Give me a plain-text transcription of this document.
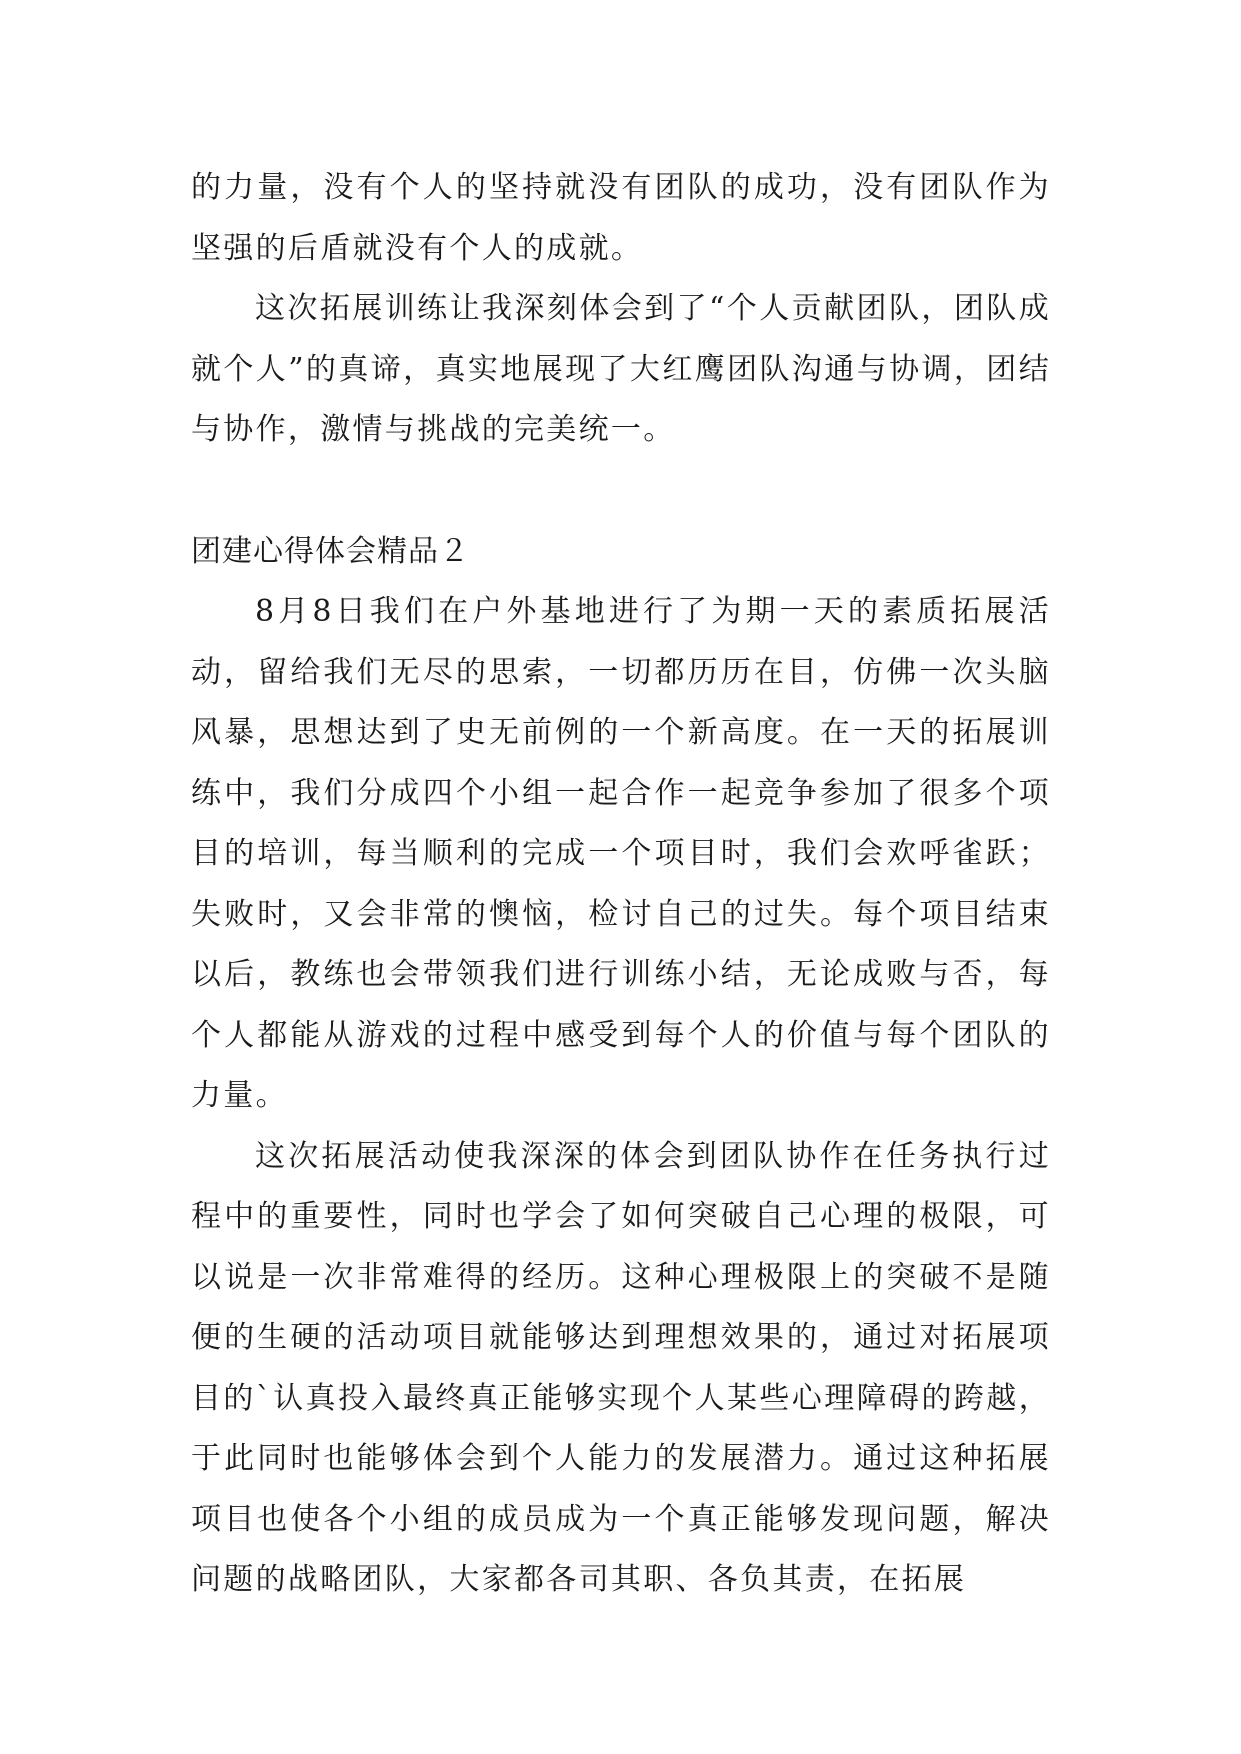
的力量，没有个人的坚持就没有团队的成功，没有团队作为坚强的后盾就没有个人的成就。

这次拓展训练让我深刻体会到了“个人贡献团队，团队成就个人”的真谛，真实地展现了大红鹰团队沟通与协调，团结与协作，激情与挑战的完美统一。

团建心得体会精品２

8月8日我们在户外基地进行了为期一天的素质拓展活动，留给我们无尽的思索，一切都历历在目，仿佛一次头脑风暴，思想达到了史无前例的一个新高度。在一天的拓展训练中，我们分成四个小组一起合作一起竞争参加了很多个项目的培训，每当顺利的完成一个项目时，我们会欢呼雀跃；失败时，又会非常的懊恼，检讨自己的过失。每个项目结束以后，教练也会带领我们进行训练小结，无论成败与否，每个人都能从游戏的过程中感受到每个人的价值与每个团队的力量。

这次拓展活动使我深深的体会到团队协作在任务执行过程中的重要性，同时也学会了如何突破自己心理的极限，可以说是一次非常难得的经历。这种心理极限上的突破不是随便的生硬的活动项目就能够达到理想效果的，通过对拓展项目的`认真投入最终真正能够实现个人某些心理障碍的跨越，于此同时也能够体会到个人能力的发展潜力。通过这种拓展项目也使各个小组的成员成为一个真正能够发现问题，解决问题的战略团队，大家都各司其职、各负其责，在拓展
